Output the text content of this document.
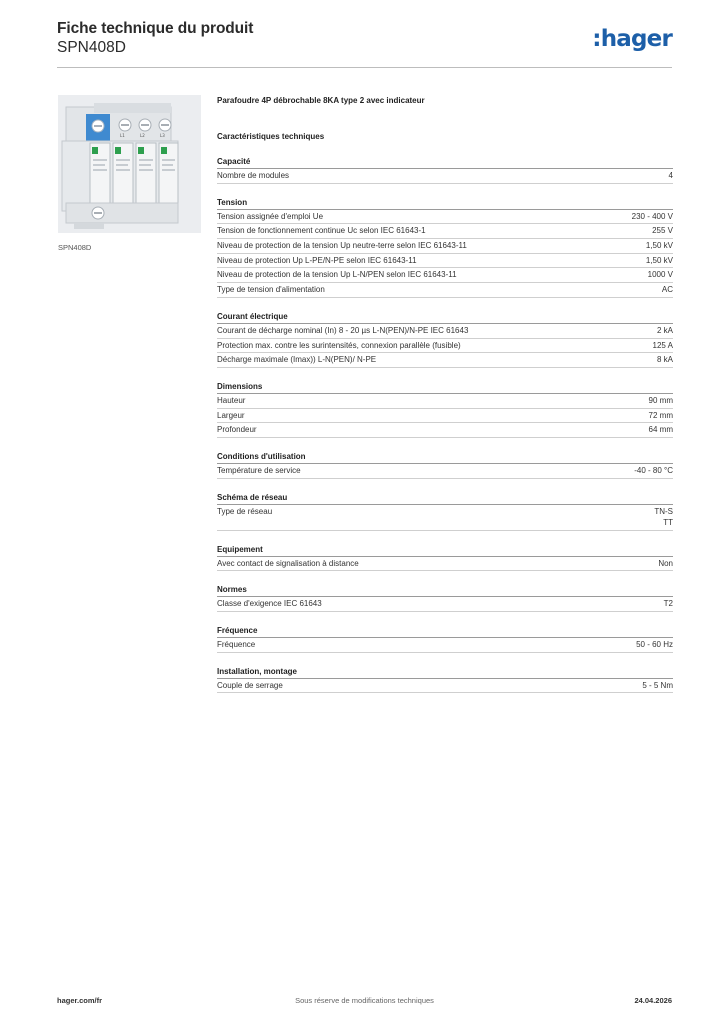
Fiche technique du produit
SPN408D	:hager
L1	L2	L3
SPN408D
Parafoudre 4P débrochable 8KA type 2 avec indicateur
Caractéristiques techniques
Capacité
Nombre de modules	4
Tension
Tension assignée d'emploi Ue	230 - 400 V
Tension de fonctionnement continue Uc selon IEC 61643-1	255 V
Niveau de protection de la tension Up neutre-terre selon IEC 61643-11	1,50 kV
Niveau de protection Up L-PE/N-PE selon IEC 61643-11	1,50 kV
Niveau de protection de la tension Up L-N/PEN selon IEC 61643-11	1000 V
Type de tension d'alimentation	AC
Courant électrique
Courant de décharge nominal (In) 8 - 20 µs L-N(PEN)/N-PE IEC 61643	2 kA
Protection max. contre les surintensités, connexion parallèle (fusible)	125 A
Décharge maximale (Imax)) L-N(PEN)/ N-PE	8 kA
Dimensions
Hauteur	90 mm
Largeur	72 mm
Profondeur	64 mm
Conditions d'utilisation
Température de service	-40 - 80 °C
Schéma de réseau
Type de réseau	TN-S
TT
Equipement
Avec contact de signalisation à distance	Non
Normes
Classe d'exigence IEC 61643	T2
Fréquence
Fréquence	50 - 60 Hz
Installation, montage
Couple de serrage	5 - 5 Nm
hager.com/fr	Sous réserve de modifications techniques	24.04.2026
